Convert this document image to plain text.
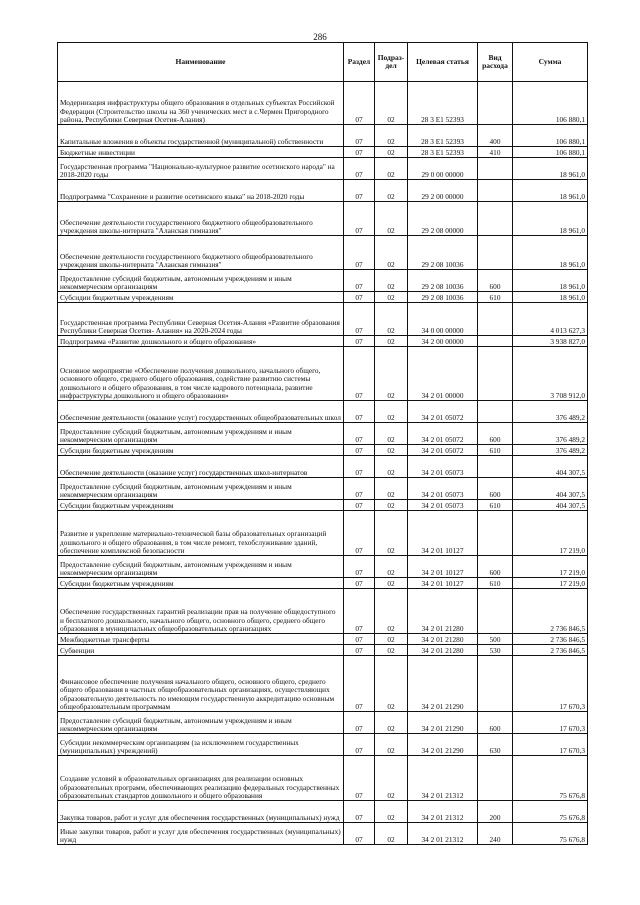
286
Наименование	Раздел	Подраз-дел	Целевая статья	Вид расхода	Сумма
Модернизация инфраструктуры общего образования в отдельных субъектах Российской Федерации (Строительство школы на 360 ученических мест в с.Чермен Пригородного района, Республики Северная Осетия-Алания)	07	02	28 3 E1 52393		106 880,1
Капитальные вложения в объекты государственной (муниципальной) собственности	07	02	28 3 E1 52393	400	106 880,1
Бюджетные инвестиции	07	02	28 3 E1 52393	410	106 880,1
Государственная программа "Национально-культурное развитие осетинского народа" на 2018-2020 годы	07	02	29 0 00 00000		18 961,0
Подпрограмма "Сохранение и развитие осетинского языка" на 2018-2020 годы	07	02	29 2 00 00000		18 961,0
Обеспечение деятельности государственного бюджетного общеобразовательного учреждения школы-интерната "Аланская гимназия"	07	02	29 2 08 00000		18 961,0
Обеспечение деятельности государственного бюджетного общеобразовательного учреждения школы-интерната "Аланская гимназия"	07	02	29 2 08 10036		18 961,0
Предоставление субсидий бюджетным, автономным учреждениям и иным некоммерческим организациям	07	02	29 2 08 10036	600	18 961,0
Субсидии бюджетным учреждениям	07	02	29 2 08 10036	610	18 961,0
Государственная программа Республики Северная Осетия-Алания «Развитие образования Республики Северная Осетия- Алания» на 2020-2024 годы	07	02	34 0 00 00000		4 013 627,3
Подпрограмма «Развитие дошкольного и общего образования»	07	02	34 2 00 00000		3 938 827,0
Основное мероприятие «Обеспечение получения дошкольного, начального общего, основного общего, среднего общего образования, содействие развитию системы дошкольного и общего образования, в том числе кадрового потенциала, развитие инфраструктуры дошкольного и общего образования»	07	02	34 2 01 00000		3 708 912,0
Обеспечение деятельности (оказание услуг) государственных общеобразовательных школ	07	02	34 2 01 05072		376 489,2
Предоставление субсидий бюджетным, автономным учреждениям и иным некоммерческим организациям	07	02	34 2 01 05072	600	376 489,2
Субсидии бюджетным учреждениям	07	02	34 2 01 05072	610	376 489,2
Обеспечение деятельности (оказание услуг) государственных школ-интернатов	07	02	34 2 01 05073		404 307,5
Предоставление субсидий бюджетным, автономным учреждениям и иным некоммерческим организациям	07	02	34 2 01 05073	600	404 307,5
Субсидии бюджетным учреждениям	07	02	34 2 01 05073	610	404 307,5
Развитие и укрепление материально-технической базы образовательных организаций дошкольного и общего образования, в том числе ремонт, техобслуживание зданий, обеспечение комплексной безопасности	07	02	34 2 01 10127		17 219,0
Предоставление субсидий бюджетным, автономным учреждениям и иным некоммерческим организациям	07	02	34 2 01 10127	600	17 219,0
Субсидии бюджетным учреждениям	07	02	34 2 01 10127	610	17 219,0
Обеспечение государственных гарантий реализации прав на получение общедоступного и бесплатного дошкольного, начального общего, основного общего, среднего общего образования в муниципальных общеобразовательных организациях	07	02	34 2 01 21280		2 736 846,5
Межбюджетные трансферты	07	02	34 2 01 21280	500	2 736 846,5
Субвенции	07	02	34 2 01 21280	530	2 736 846,5
Финансовое обеспечение получения начального общего, основного общего, среднего общего образования в частных общеобразовательных организациях, осуществляющих образовательную деятельность по имеющим государственную аккредитацию основным общеобразовательным программам	07	02	34 2 01 21290		17 670,3
Предоставление субсидий бюджетным, автономным учреждениям и иным некоммерческим организациям	07	02	34 2 01 21290	600	17 670,3
Субсидии некоммерческим организациям (за исключением государственных (муниципальных) учреждений)	07	02	34 2 01 21290	630	17 670,3
Создание условий в образовательных организациях для реализации основных образовательных программ, обеспечивающих реализацию федеральных государственных образовательных стандартов дошкольного и общего образования	07	02	34 2 01 21312		75 676,8
Закупка товаров, работ и услуг для обеспечения государственных (муниципальных) нужд	07	02	34 2 01 21312	200	75 676,8
Иные закупки товаров, работ и услуг для обеспечения государственных (муниципальных) нужд	07	02	34 2 01 21312	240	75 676,8
